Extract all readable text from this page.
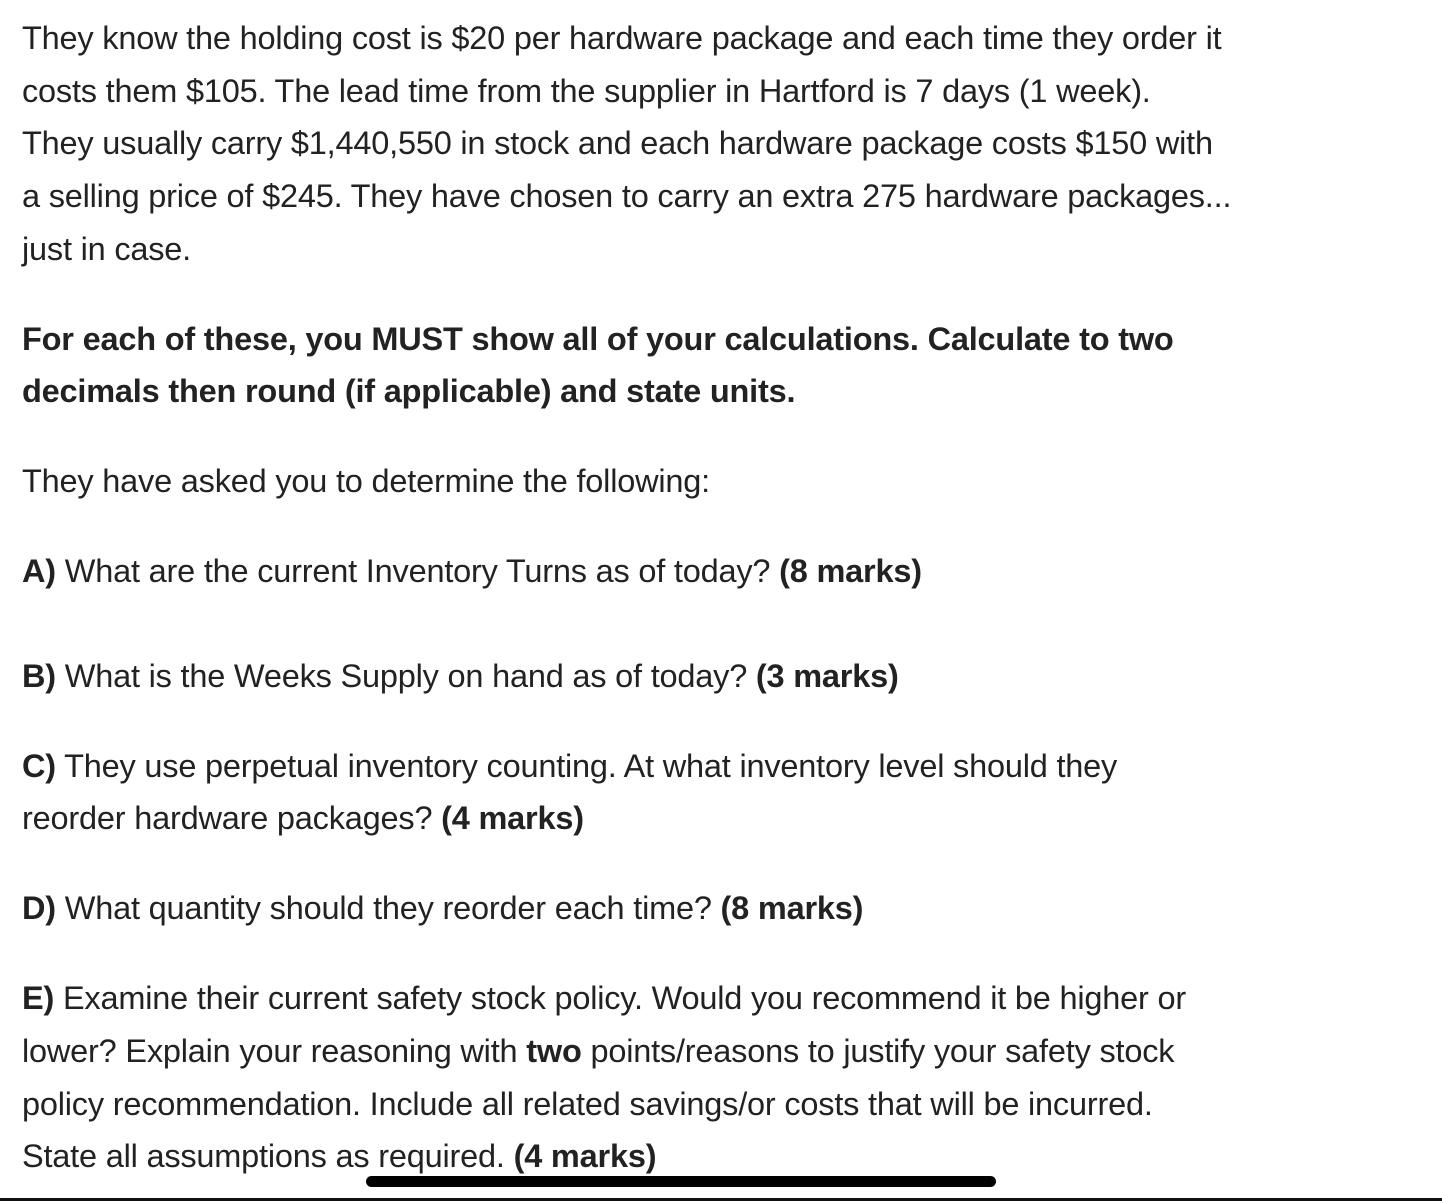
They know the holding cost is $20 per hardware package and each time they order it
costs them $105. The lead time from the supplier in Hartford is 7 days (1 week).
They usually carry $1,440,550 in stock and each hardware package costs $150 with
a selling price of $245. They have chosen to carry an extra 275 hardware packages...
just in case.
For each of these, you MUST show all of your calculations. Calculate to two
decimals then round (if applicable) and state units.
They have asked you to determine the following:
A) What are the current Inventory Turns as of today? (8 marks)
B) What is the Weeks Supply on hand as of today? (3 marks)
C) They use perpetual inventory counting. At what inventory level should they
reorder hardware packages? (4 marks)
D) What quantity should they reorder each time? (8 marks)
E) Examine their current safety stock policy. Would you recommend it be higher or
lower? Explain your reasoning with two points/reasons to justify your safety stock
policy recommendation. Include all related savings/or costs that will be incurred.
State all assumptions as required. (4 marks)
